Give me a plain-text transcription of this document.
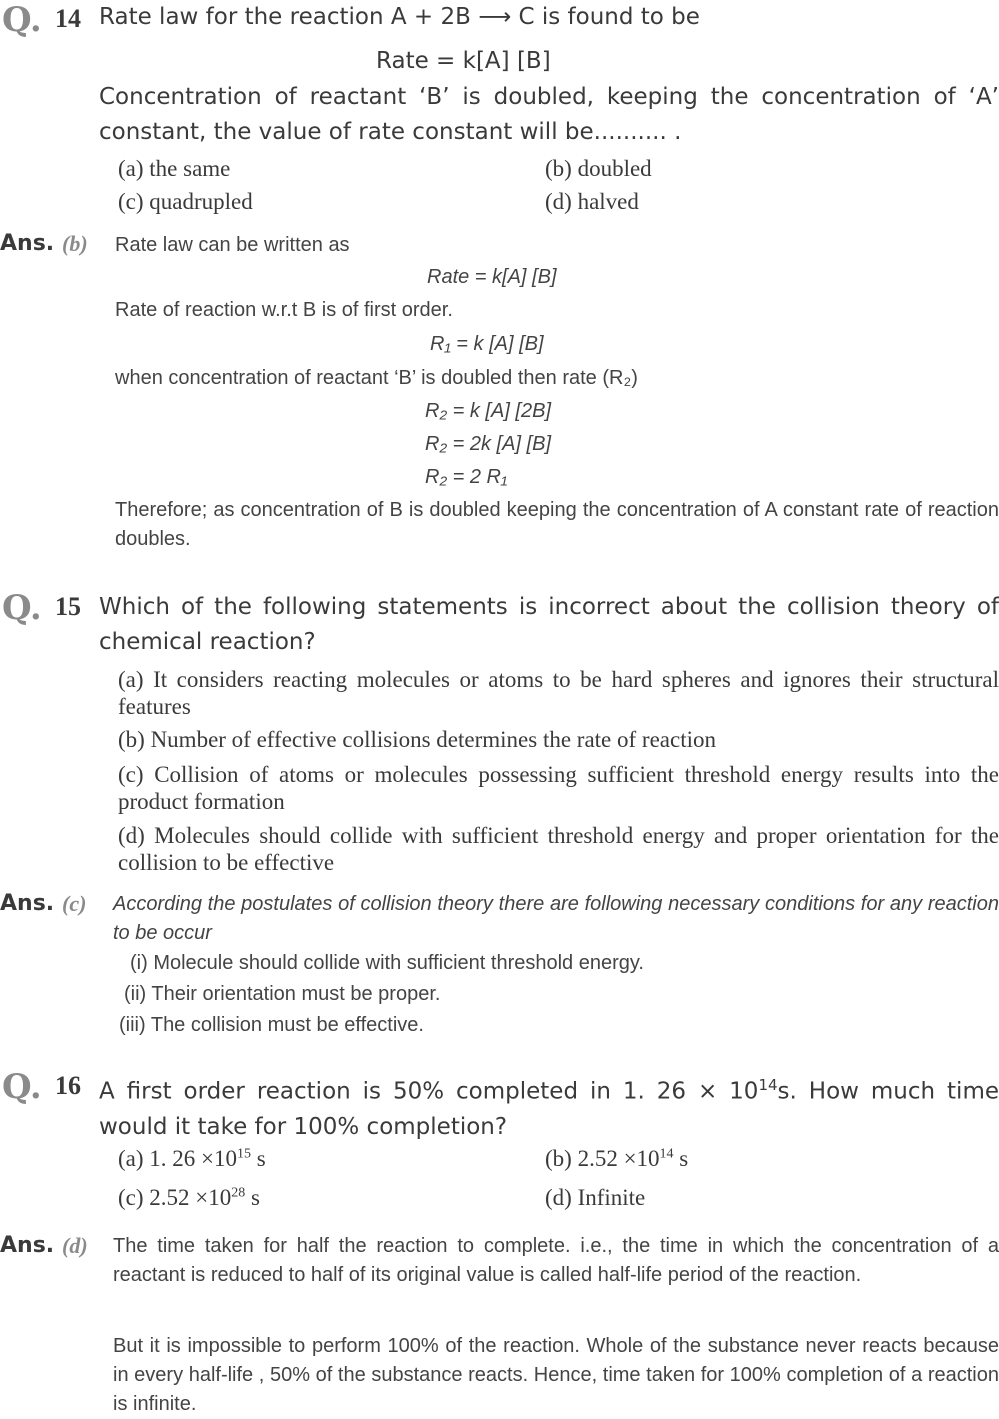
Q. 14 Rate law for the reaction A + 2B ⟶ C is found to be
Rate = k[A] [B]
Concentration of reactant ‘B’ is doubled, keeping the concentration of ‘A’ constant, the value of rate constant will be.......... .
(a) the same	(b) doubled
(c) quadrupled	(d) halved
Ans. (b) Rate law can be written as
Rate = k[A] [B]
Rate of reaction w.r.t B is of first order.
R₁ = k [A] [B]
when concentration of reactant ‘B’ is doubled then rate (R₂)
R₂ = k [A] [2B]
R₂ = 2k [A] [B]
R₂ = 2 R₁
Therefore; as concentration of B is doubled keeping the concentration of A constant rate of reaction doubles.
Q. 15 Which of the following statements is incorrect about the collision theory of chemical reaction?
(a) It considers reacting molecules or atoms to be hard spheres and ignores their structural features
(b) Number of effective collisions determines the rate of reaction
(c) Collision of atoms or molecules possessing sufficient threshold energy results into the product formation
(d) Molecules should collide with sufficient threshold energy and proper orientation for the collision to be effective
Ans. (c) According the postulates of collision theory there are following necessary conditions for any reaction to be occur
(i) Molecule should collide with sufficient threshold energy.
(ii) Their orientation must be proper.
(iii) The collision must be effective.
Q. 16 A first order reaction is 50% completed in 1. $26 \times 10^{14}s$. How much time would it take for 100% completion?
(a) 1. $26 \times 10^{15}$ s	(b) $2.52 \times 10^{14}$ s
(c) $2.52 \times 10^{28}$ s	(d) Infinite
Ans. (d) The time taken for half the reaction to complete. i.e., the time in which the concentration of a reactant is reduced to half of its original value is called half-life period of the reaction.
But it is impossible to perform 100% of the reaction. Whole of the substance never reacts because in every half-life , 50% of the substance reacts. Hence, time taken for 100% completion of a reaction is infinite.
